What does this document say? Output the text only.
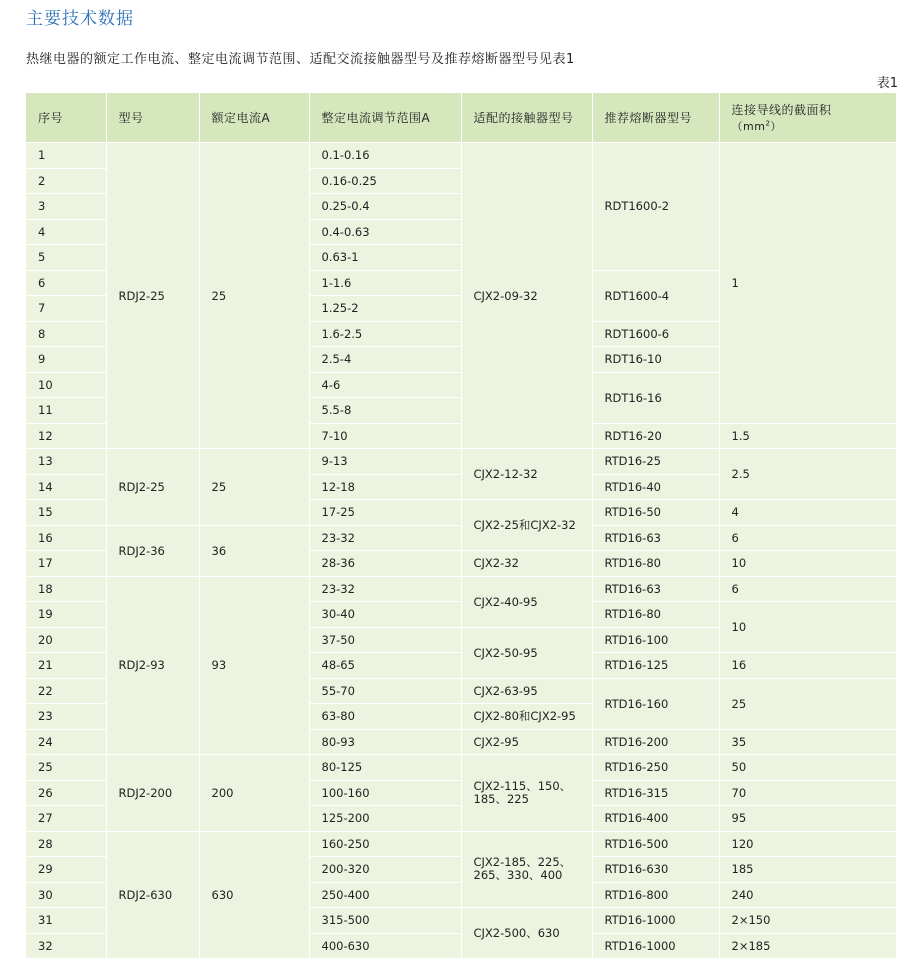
主要技术数据
热继电器的额定工作电流、整定电流调节范围、适配交流接触器型号及推荐熔断器型号见表1
表1
序号	型号	额定电流A	整定电流调节范围A	适配的接触器型号	推荐熔断器型号	连接导线的截面积
$(mm^2)$

1	RDJ2-25	25	0.1-0.16	CJX2-09-32	RDT1600-2	1
2			0.16-0.25			
3			0.25-0.4			
4			0.4-0.63			
5			0.63-1			
6			1-1.6		RDT1600-4	
7			1.25-2			
8			1.6-2.5		RDT1600-6	
9			2.5-4		RDT16-10	
10			4-6		RDT16-16	
11			5.5-8			
12			7-10		RDT16-20	1.5
13	RDJ2-25	25	9-13	CJX2-12-32	RTD16-25	2.5
14			12-18		RTD16-40	
15			17-25	CJX2-25和CJX2-32	RTD16-50	4
16	RDJ2-36	36	23-32		RTD16-63	6
17			28-36	CJX2-32	RTD16-80	10
18	RDJ2-93	93	23-32	CJX2-40-95	RTD16-63	6
19			30-40		RTD16-80	10
20			37-50	CJX2-50-95	RTD16-100	
21			48-65		RTD16-125	16
22			55-70	CJX2-63-95	RTD16-160	25
23			63-80	CJX2-80和CJX2-95		
24			80-93	CJX2-95	RTD16-200	35
25	RDJ2-200	200	80-125	CJX2-115、150、185、225	RTD16-250	50
26			100-160		RTD16-315	70
27			125-200		RTD16-400	95
28	RDJ2-630	630	160-250	CJX2-185、225、265、330、400	RTD16-500	120
29			200-320		RTD16-630	185
30			250-400		RTD16-800	240
31			315-500	CJX2-500、630	RTD16-1000	2×150
32			400-630		RTD16-1000	2×185
